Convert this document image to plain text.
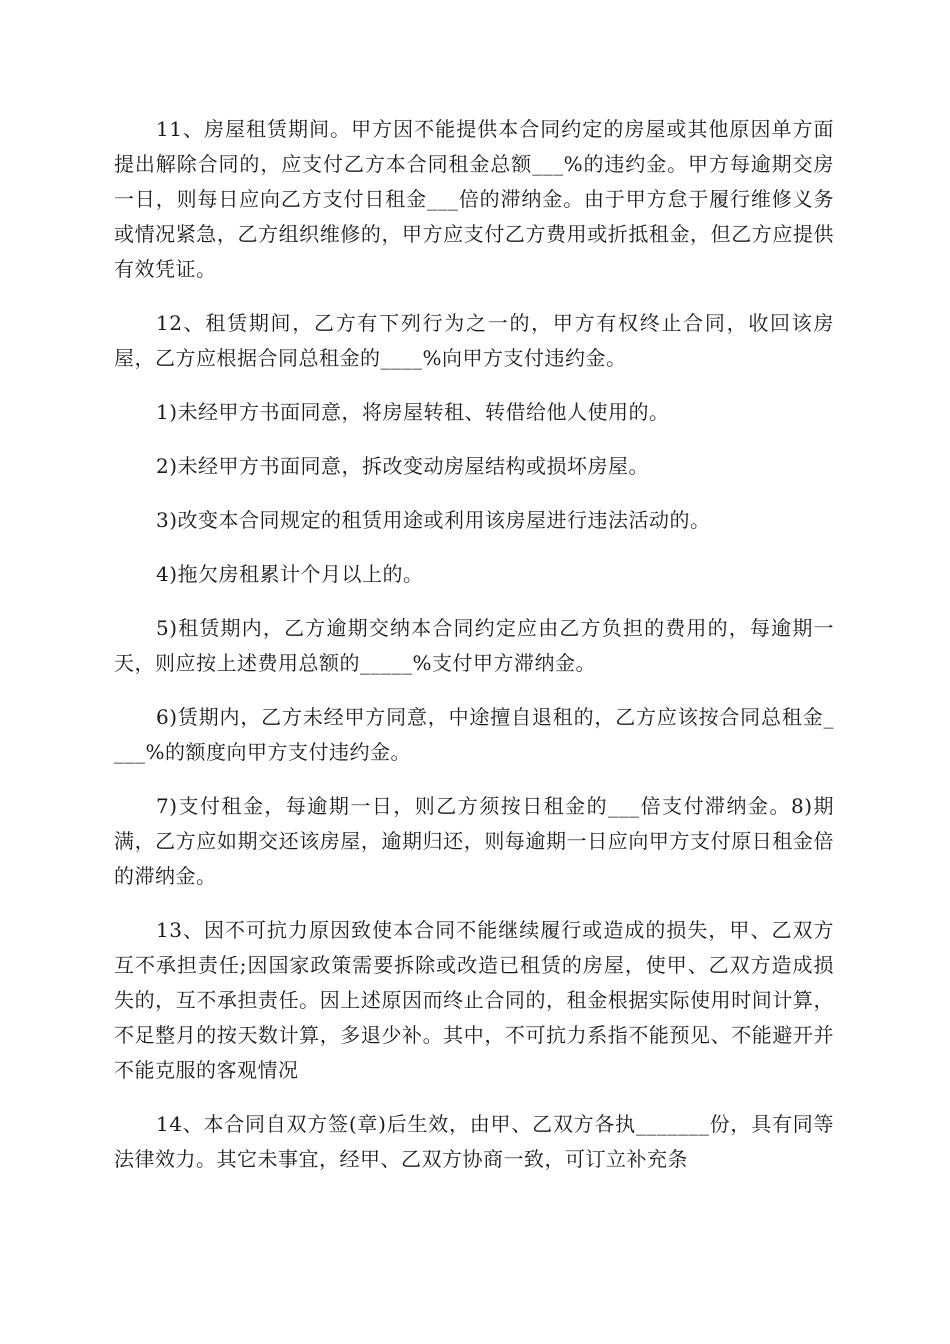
11、房屋租赁期间。甲方因不能提供本合同约定的房屋或其他原因单方面提出解除合同的，应支付乙方本合同租金总额___%的违约金。甲方每逾期交房一日，则每日应向乙方支付日租金___倍的滞纳金。由于甲方怠于履行维修义务或情况紧急，乙方组织维修的，甲方应支付乙方费用或折抵租金，但乙方应提供有效凭证。

12、租赁期间，乙方有下列行为之一的，甲方有权终止合同，收回该房屋，乙方应根据合同总租金的____%向甲方支付违约金。

1)未经甲方书面同意，将房屋转租、转借给他人使用的。

2)未经甲方书面同意，拆改变动房屋结构或损坏房屋。

3)改变本合同规定的租赁用途或利用该房屋进行违法活动的。

4)拖欠房租累计个月以上的。

5)租赁期内，乙方逾期交纳本合同约定应由乙方负担的费用的，每逾期一天，则应按上述费用总额的_____%支付甲方滞纳金。

6)赁期内，乙方未经甲方同意，中途擅自退租的，乙方应该按合同总租金____%的额度向甲方支付违约金。

7)支付租金，每逾期一日，则乙方须按日租金的___倍支付滞纳金。8)期满，乙方应如期交还该房屋，逾期归还，则每逾期一日应向甲方支付原日租金倍的滞纳金。

13、因不可抗力原因致使本合同不能继续履行或造成的损失，甲、乙双方互不承担责任;因国家政策需要拆除或改造已租赁的房屋，使甲、乙双方造成损失的，互不承担责任。因上述原因而终止合同的，租金根据实际使用时间计算，不足整月的按天数计算，多退少补。其中，不可抗力系指不能预见、不能避开并不能克服的客观情况

14、本合同自双方签(章)后生效，由甲、乙双方各执_______份，具有同等法律效力。其它未事宜，经甲、乙双方协商一致，可订立补充条
